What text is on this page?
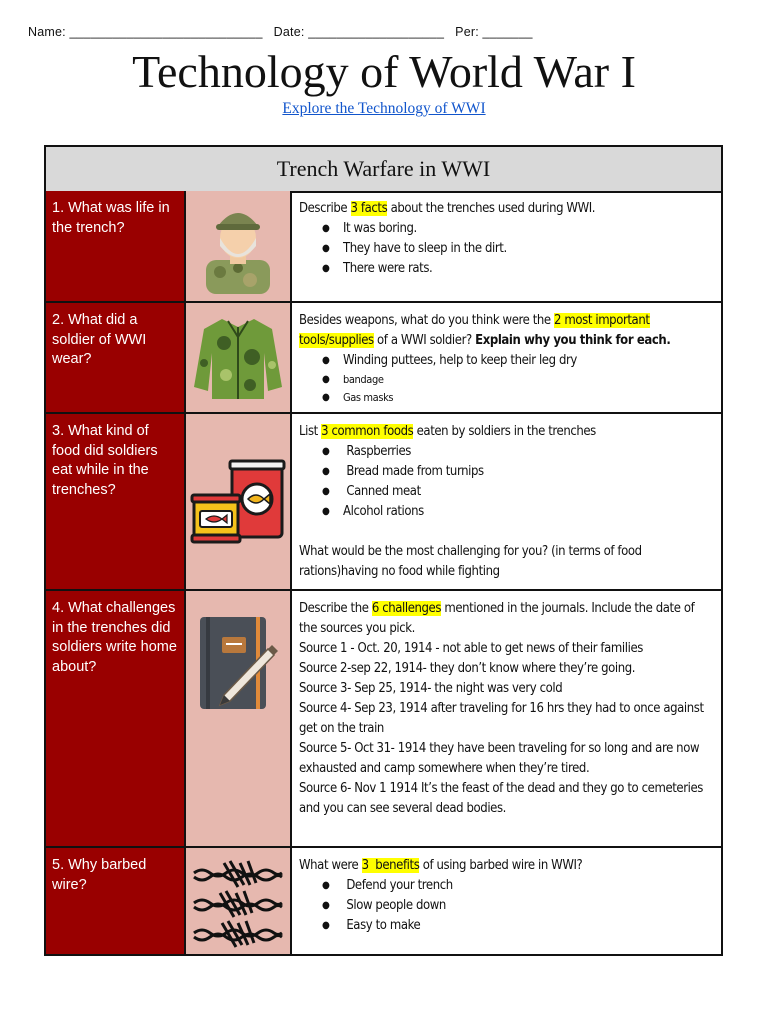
Name: ___________________________ Date: ___________________ Per: _______
Technology of World War I
Explore the Technology of WWI
Trench Warfare in WWI
1. What was life in the trench?
Describe 3 facts about the trenches used during WWI.
● It was boring.
● They have to sleep in the dirt.
● There were rats.
2. What did a soldier of WWI wear?
Besides weapons, what do you think were the 2 most important tools/supplies of a WWI soldier? Explain why you think for each.
● Winding puttees, help to keep their leg dry
● bandage
● Gas masks
3. What kind of food did soldiers eat while in the trenches?
List 3 common foods eaten by soldiers in the trenches
●  Raspberries
●  Bread made from turnips
●  Canned meat
● Alcohol rations
What would be the most challenging for you? (in terms of food rations)having no food while fighting
4. What challenges in the trenches did soldiers write home about?
Describe the 6 challenges mentioned in the journals. Include the date of the sources you pick.
Source 1 - Oct. 20, 1914 - not able to get news of their families
Source 2-sep 22, 1914- they don’t know where they’re going.
Source 3- Sep 25, 1914- the night was very cold
Source 4- Sep 23, 1914 after traveling for 16 hrs they had to once against get on the train
Source 5- Oct 31- 1914 they have been traveling for so long and are now exhausted and camp somewhere when they’re tired.
Source 6- Nov 1 1914 It’s the feast of the dead and they go to cemeteries and you can see several dead bodies.
5. Why barbed wire?
What were 3  benefits of using barbed wire in WWI?
●  Defend your trench
●  Slow people down
●  Easy to make
